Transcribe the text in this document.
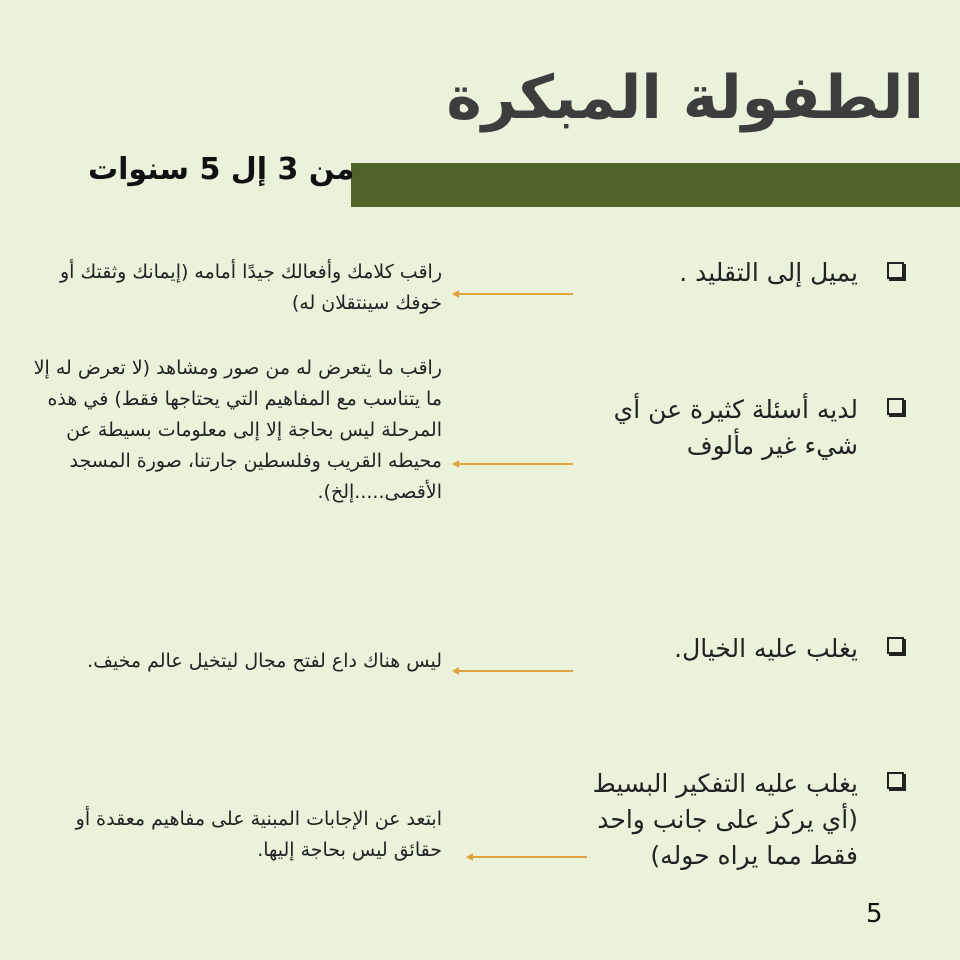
الطفولة المبكرة
من 3 إل 5 سنوات
يميل إلى التقليد .
راقب كلامك وأفعالك جيدًا أمامه (إيمانك وثقتك أو خوفك سينتقلان له)
لديه أسئلة كثيرة عن أي شيء غير مألوف
راقب ما يتعرض له من صور ومشاهد (لا تعرض له إلا ما يتناسب مع المفاهيم التي يحتاجها فقط) في هذه المرحلة ليس بحاجة إلا إلى معلومات بسيطة عن محيطه القريب وفلسطين جارتنا، صورة المسجد الأقصى.....إلخ).
يغلب عليه الخيال.
ليس هناك داع لفتح مجال ليتخيل عالم مخيف.
يغلب عليه التفكير البسيط (أي يركز على جانب واحد فقط مما يراه حوله)
ابتعد عن الإجابات المبنية على مفاهيم معقدة أو حقائق ليس بحاجة إليها.
5
